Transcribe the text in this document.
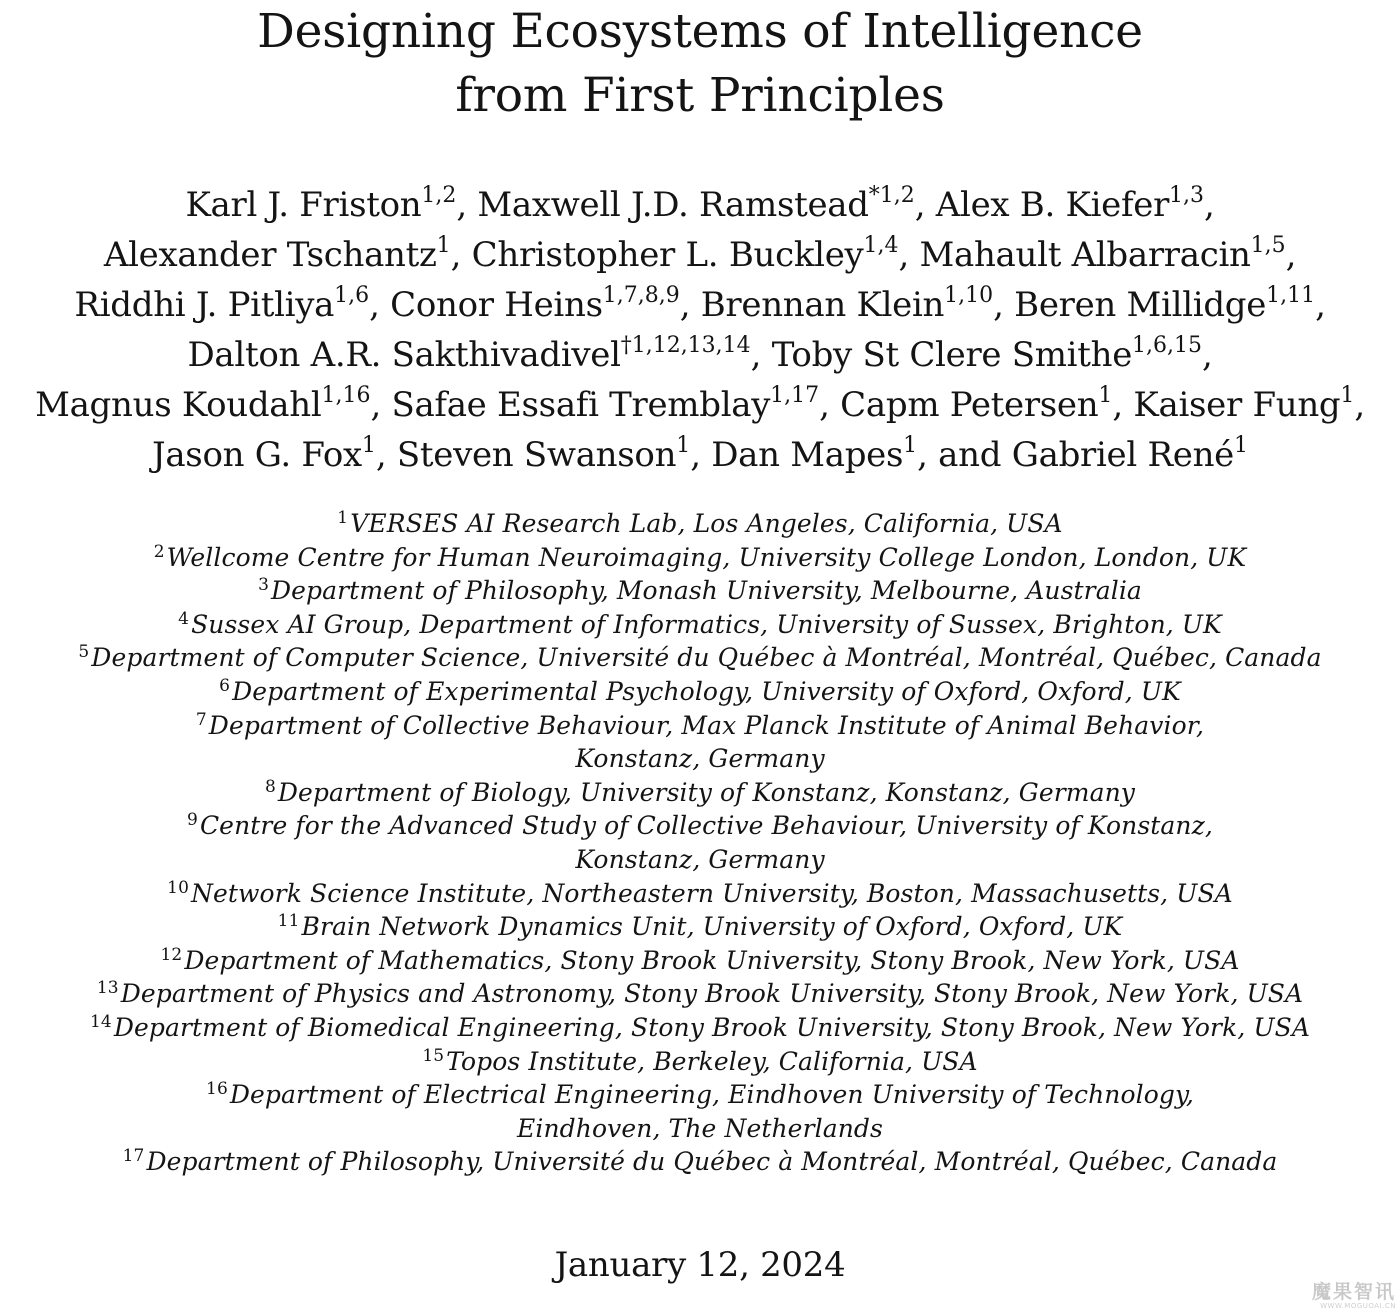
Designing Ecosystems of Intelligence
from First Principles
Karl J. Friston$^{1,2}$, Maxwell J.D. Ramstead$^{*1,2}$, Alex B. Kiefer$^{1,3}$,
Alexander Tschantz$^1$, Christopher L. Buckley$^{1,4}$, Mahault Albarracin$^{1,5}$,
Riddhi J. Pitliya$^{1,6}$, Conor Heins$^{1,7,8,9}$, Brennan Klein$^{1,10}$, Beren Millidge$^{1,11}$,
Dalton A.R. Sakthivadivel$^{\dagger 1,12,13,14}$, Toby St Clere Smithe$^{1,6,15}$,
Magnus Koudahl$^{1,16}$, Safae Essafi Tremblay$^{1,17}$, Capm Petersen$^1$, Kaiser Fung$^1$,
Jason G. Fox$^1$, Steven Swanson$^1$, Dan Mapes$^1$, and Gabriel René$^1$
$^1$VERSES AI Research Lab, Los Angeles, California, USA
$^2$Wellcome Centre for Human Neuroimaging, University College London, London, UK
$^3$Department of Philosophy, Monash University, Melbourne, Australia
$^4$Sussex AI Group, Department of Informatics, University of Sussex, Brighton, UK
$^5$Department of Computer Science, Université du Québec à Montréal, Montréal, Québec, Canada
$^6$Department of Experimental Psychology, University of Oxford, Oxford, UK
$^7$Department of Collective Behaviour, Max Planck Institute of Animal Behavior,
Konstanz, Germany
$^8$Department of Biology, University of Konstanz, Konstanz, Germany
$^9$Centre for the Advanced Study of Collective Behaviour, University of Konstanz,
Konstanz, Germany
$^{10}$Network Science Institute, Northeastern University, Boston, Massachusetts, USA
$^{11}$Brain Network Dynamics Unit, University of Oxford, Oxford, UK
$^{12}$Department of Mathematics, Stony Brook University, Stony Brook, New York, USA
$^{13}$Department of Physics and Astronomy, Stony Brook University, Stony Brook, New York, USA
$^{14}$Department of Biomedical Engineering, Stony Brook University, Stony Brook, New York, USA
$^{15}$Topos Institute, Berkeley, California, USA
$^{16}$Department of Electrical Engineering, Eindhoven University of Technology,
Eindhoven, The Netherlands
$^{17}$Department of Philosophy, Université du Québec à Montréal, Montréal, Québec, Canada
January 12, 2024
魔果智讯
WWW.MOGUOAI.CN
